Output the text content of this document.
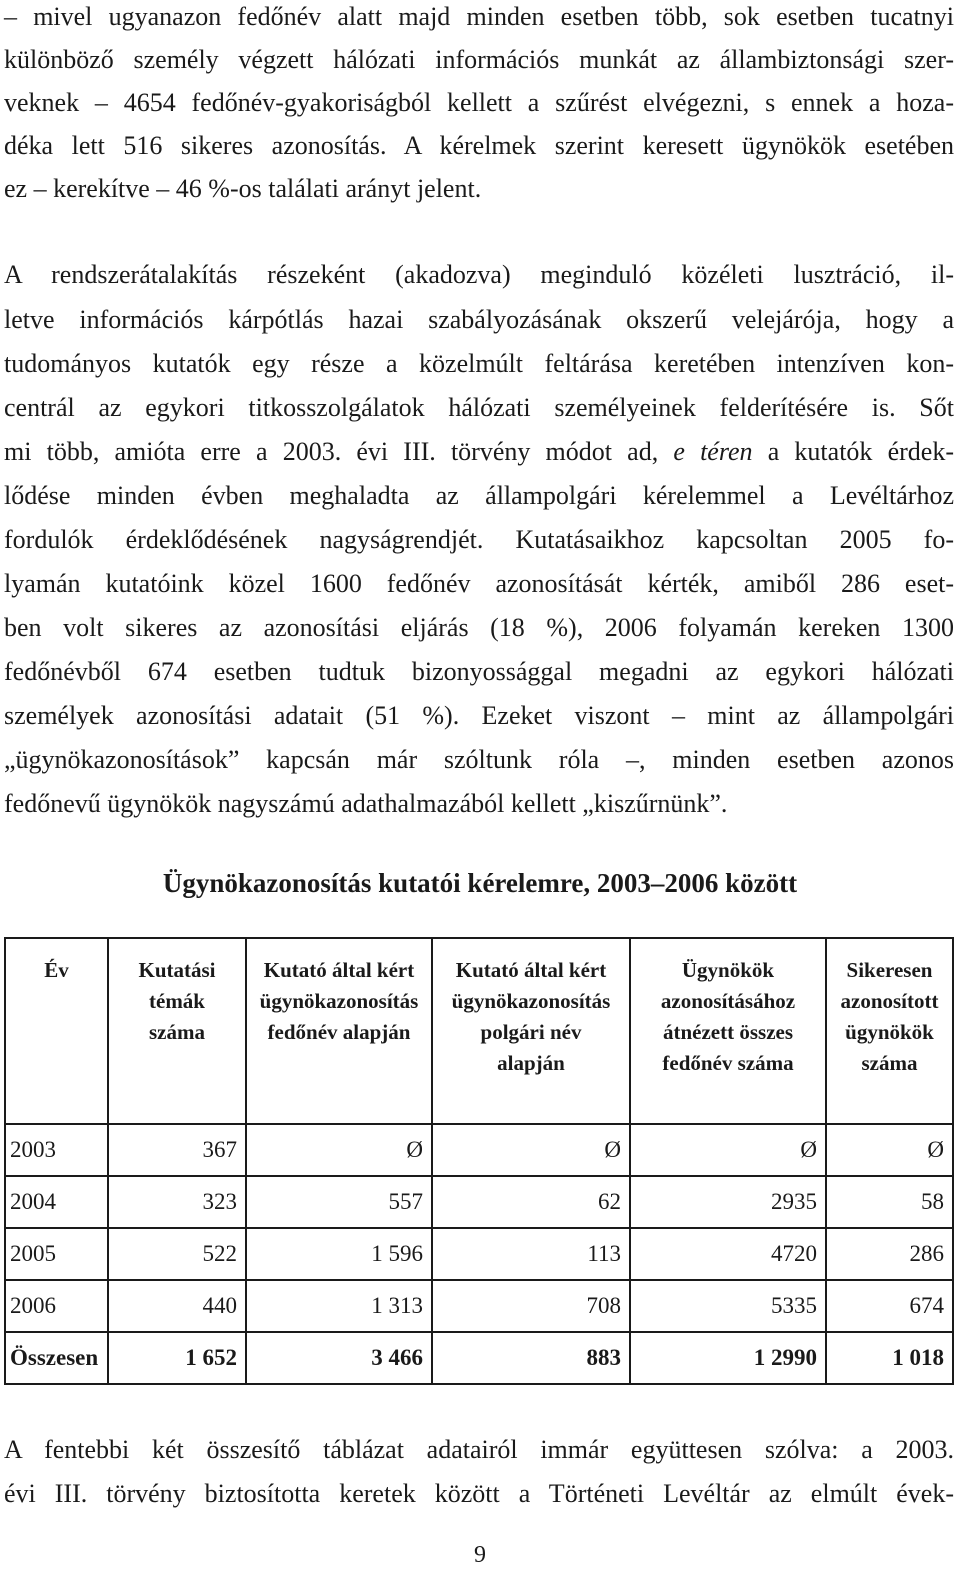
– mivel ugyanazon fedőnév alatt majd minden esetben több, sok esetben tucatnyi
különböző személy végzett hálózati információs munkát az állambiztonsági szer-
veknek – 4654 fedőnév-gyakoriságból kellett a szűrést elvégezni, s ennek a hoza-
déka lett 516 sikeres azonosítás. A kérelmek szerint keresett ügynökök esetében
ez – kerekítve – 46 %-os találati arányt jelent.
A rendszerátalakítás részeként (akadozva) meginduló közéleti lusztráció, il-
letve információs kárpótlás hazai szabályozásának okszerű velejárója, hogy a
tudományos kutatók egy része a közelmúlt feltárása keretében intenzíven kon-
centrál az egykori titkosszolgálatok hálózati személyeinek felderítésére is. Sőt
mi több, amióta erre a 2003. évi III. törvény módot ad, e téren a kutatók érdek-
lődése minden évben meghaladta az állampolgári kérelemmel a Levéltárhoz
fordulók érdeklődésének nagyságrendjét. Kutatásaikhoz kapcsoltan 2005 fo-
lyamán kutatóink közel 1600 fedőnév azonosítását kérték, amiből 286 eset-
ben volt sikeres az azonosítási eljárás (18 %), 2006 folyamán kereken 1300
fedőnévből 674 esetben tudtuk bizonyossággal megadni az egykori hálózati
személyek azonosítási adatait (51 %). Ezeket viszont – mint az állampolgári
„ügynökazonosítások” kapcsán már szóltunk róla –, minden esetben azonos
fedőnevű ügynökök nagyszámú adathalmazából kellett „kiszűrnünk”.
Ügynökazonosítás kutatói kérelemre, 2003–2006 között
Év	Kutatási
témák
száma	Kutató által kért
ügynökazonosítás
fedőnév alapján	Kutató által kért
ügynökazonosítás
polgári név
alapján	Ügynökök
azonosításához
átnézett összes
fedőnév száma	Sikeresen
azonosított
ügynökök
száma
2003	367	Ø	Ø	Ø	Ø
2004	323	557	62	2935	58
2005	522	1 596	113	4720	286
2006	440	1 313	708	5335	674
Összesen	1 652	3 466	883	1 2990	1 018
A fentebbi két összesítő táblázat adatairól immár együttesen szólva: a 2003.
évi III. törvény biztosította keretek között a Történeti Levéltár az elmúlt évek-
9
